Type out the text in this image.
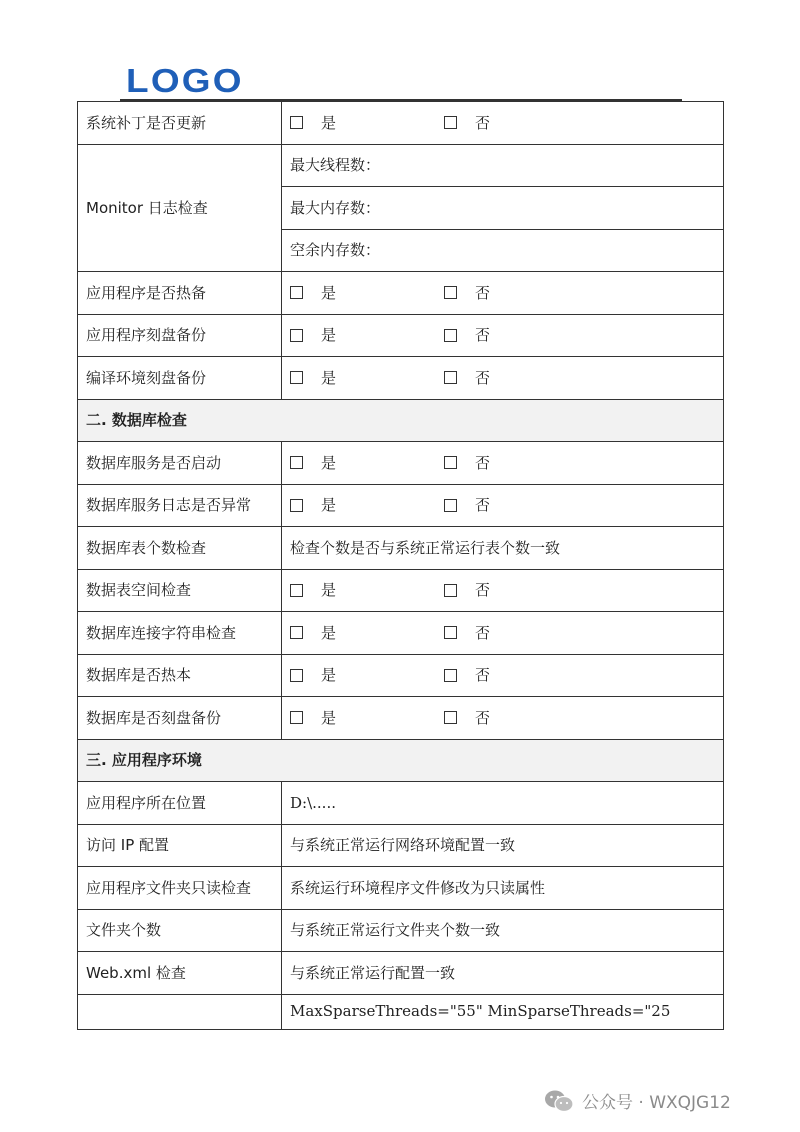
LOGO
系统补丁是否更新	是 否

Monitor 日志检查	最大线程数：
	最大内存数：
	空余内存数：
应用程序是否热备	是 否

应用程序刻盘备份	是 否

编译环境刻盘备份	是 否

二. 数据库检查	
数据库服务是否启动	是 否

数据库服务日志是否异常	是 否

数据库表个数检查	检查个数是否与系统正常运行表个数一致
数据表空间检查	是 否

数据库连接字符串检查	是 否

数据库是否热本	是 否

数据库是否刻盘备份	是 否

三. 应用程序环境	
应用程序所在位置	D:\.....
访问 IP 配置	与系统正常运行网络环境配置一致
应用程序文件夹只读检查	系统运行环境程序文件修改为只读属性
文件夹个数	与系统正常运行文件夹个数一致
Web.xml 检查	与系统正常运行配置一致
	MaxSparseThreads="55" MinSparseThreads="25
公众号 · WXQJG12
